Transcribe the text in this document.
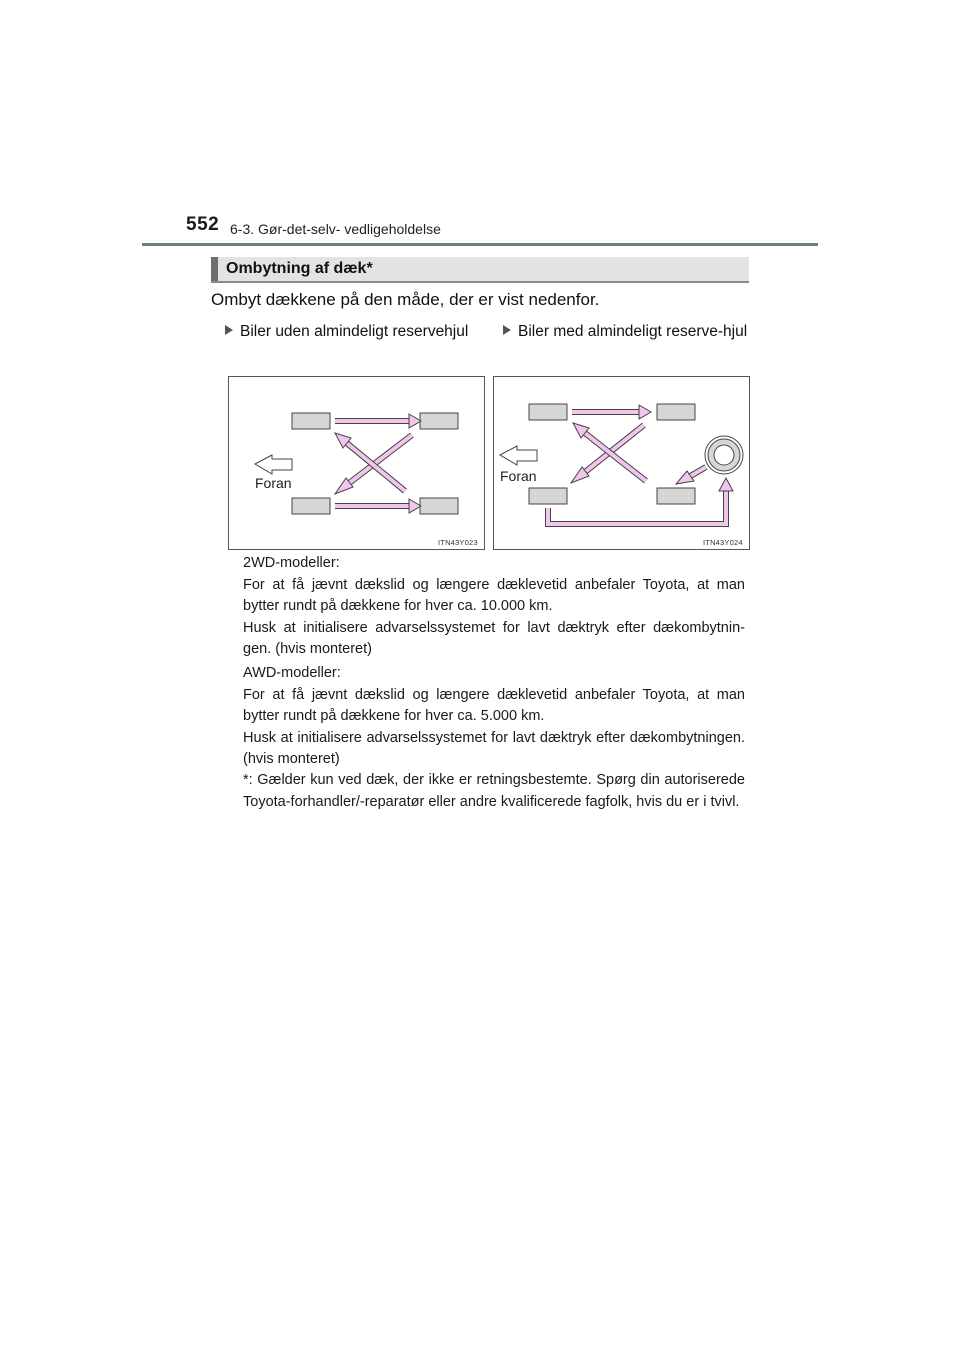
552 6-3. Gør-det-selv- vedligeholdelse
Ombytning af dæk*
Ombyt dækkene på den måde, der er vist nedenfor.
Biler uden almindeligt reservehjul	Biler med almindeligt reserve-hjul
Foran
ITN43Y023
Foran
ITN43Y024

2WD-modeller:

For at få jævnt dækslid og længere dæklevetid anbefaler Toyota, at man bytter rundt på dækkene for hver ca. 10.000 km.

Husk at initialisere advarselssystemet for lavt dæktryk efter dækombytnin-gen. (hvis monteret)

AWD-modeller:

For at få jævnt dækslid og længere dæklevetid anbefaler Toyota, at man bytter rundt på dækkene for hver ca. 5.000 km.

Husk at initialisere advarselssystemet for lavt dæktryk efter dækombytningen. (hvis monteret)

*: Gælder kun ved dæk, der ikke er retningsbestemte. Spørg din autoriserede Toyota-forhandler/-reparatør eller andre kvalificerede fagfolk, hvis du er i tvivl.
